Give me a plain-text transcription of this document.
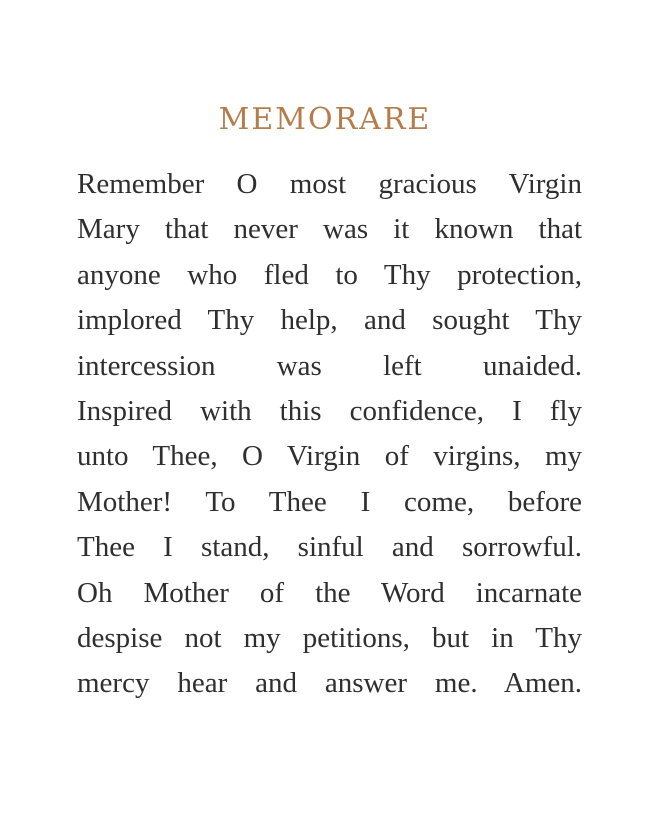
MEMORARE
Remember O most gracious Virgin
Mary that never was it known that
anyone who fled to Thy protection,
implored Thy help, and sought Thy
intercession was left unaided.
Inspired with this confidence, I fly
unto Thee, O Virgin of virgins, my
Mother! To Thee I come, before
Thee I stand, sinful and sorrowful.
Oh Mother of the Word incarnate
despise not my petitions, but in Thy
mercy hear and answer me. Amen.
